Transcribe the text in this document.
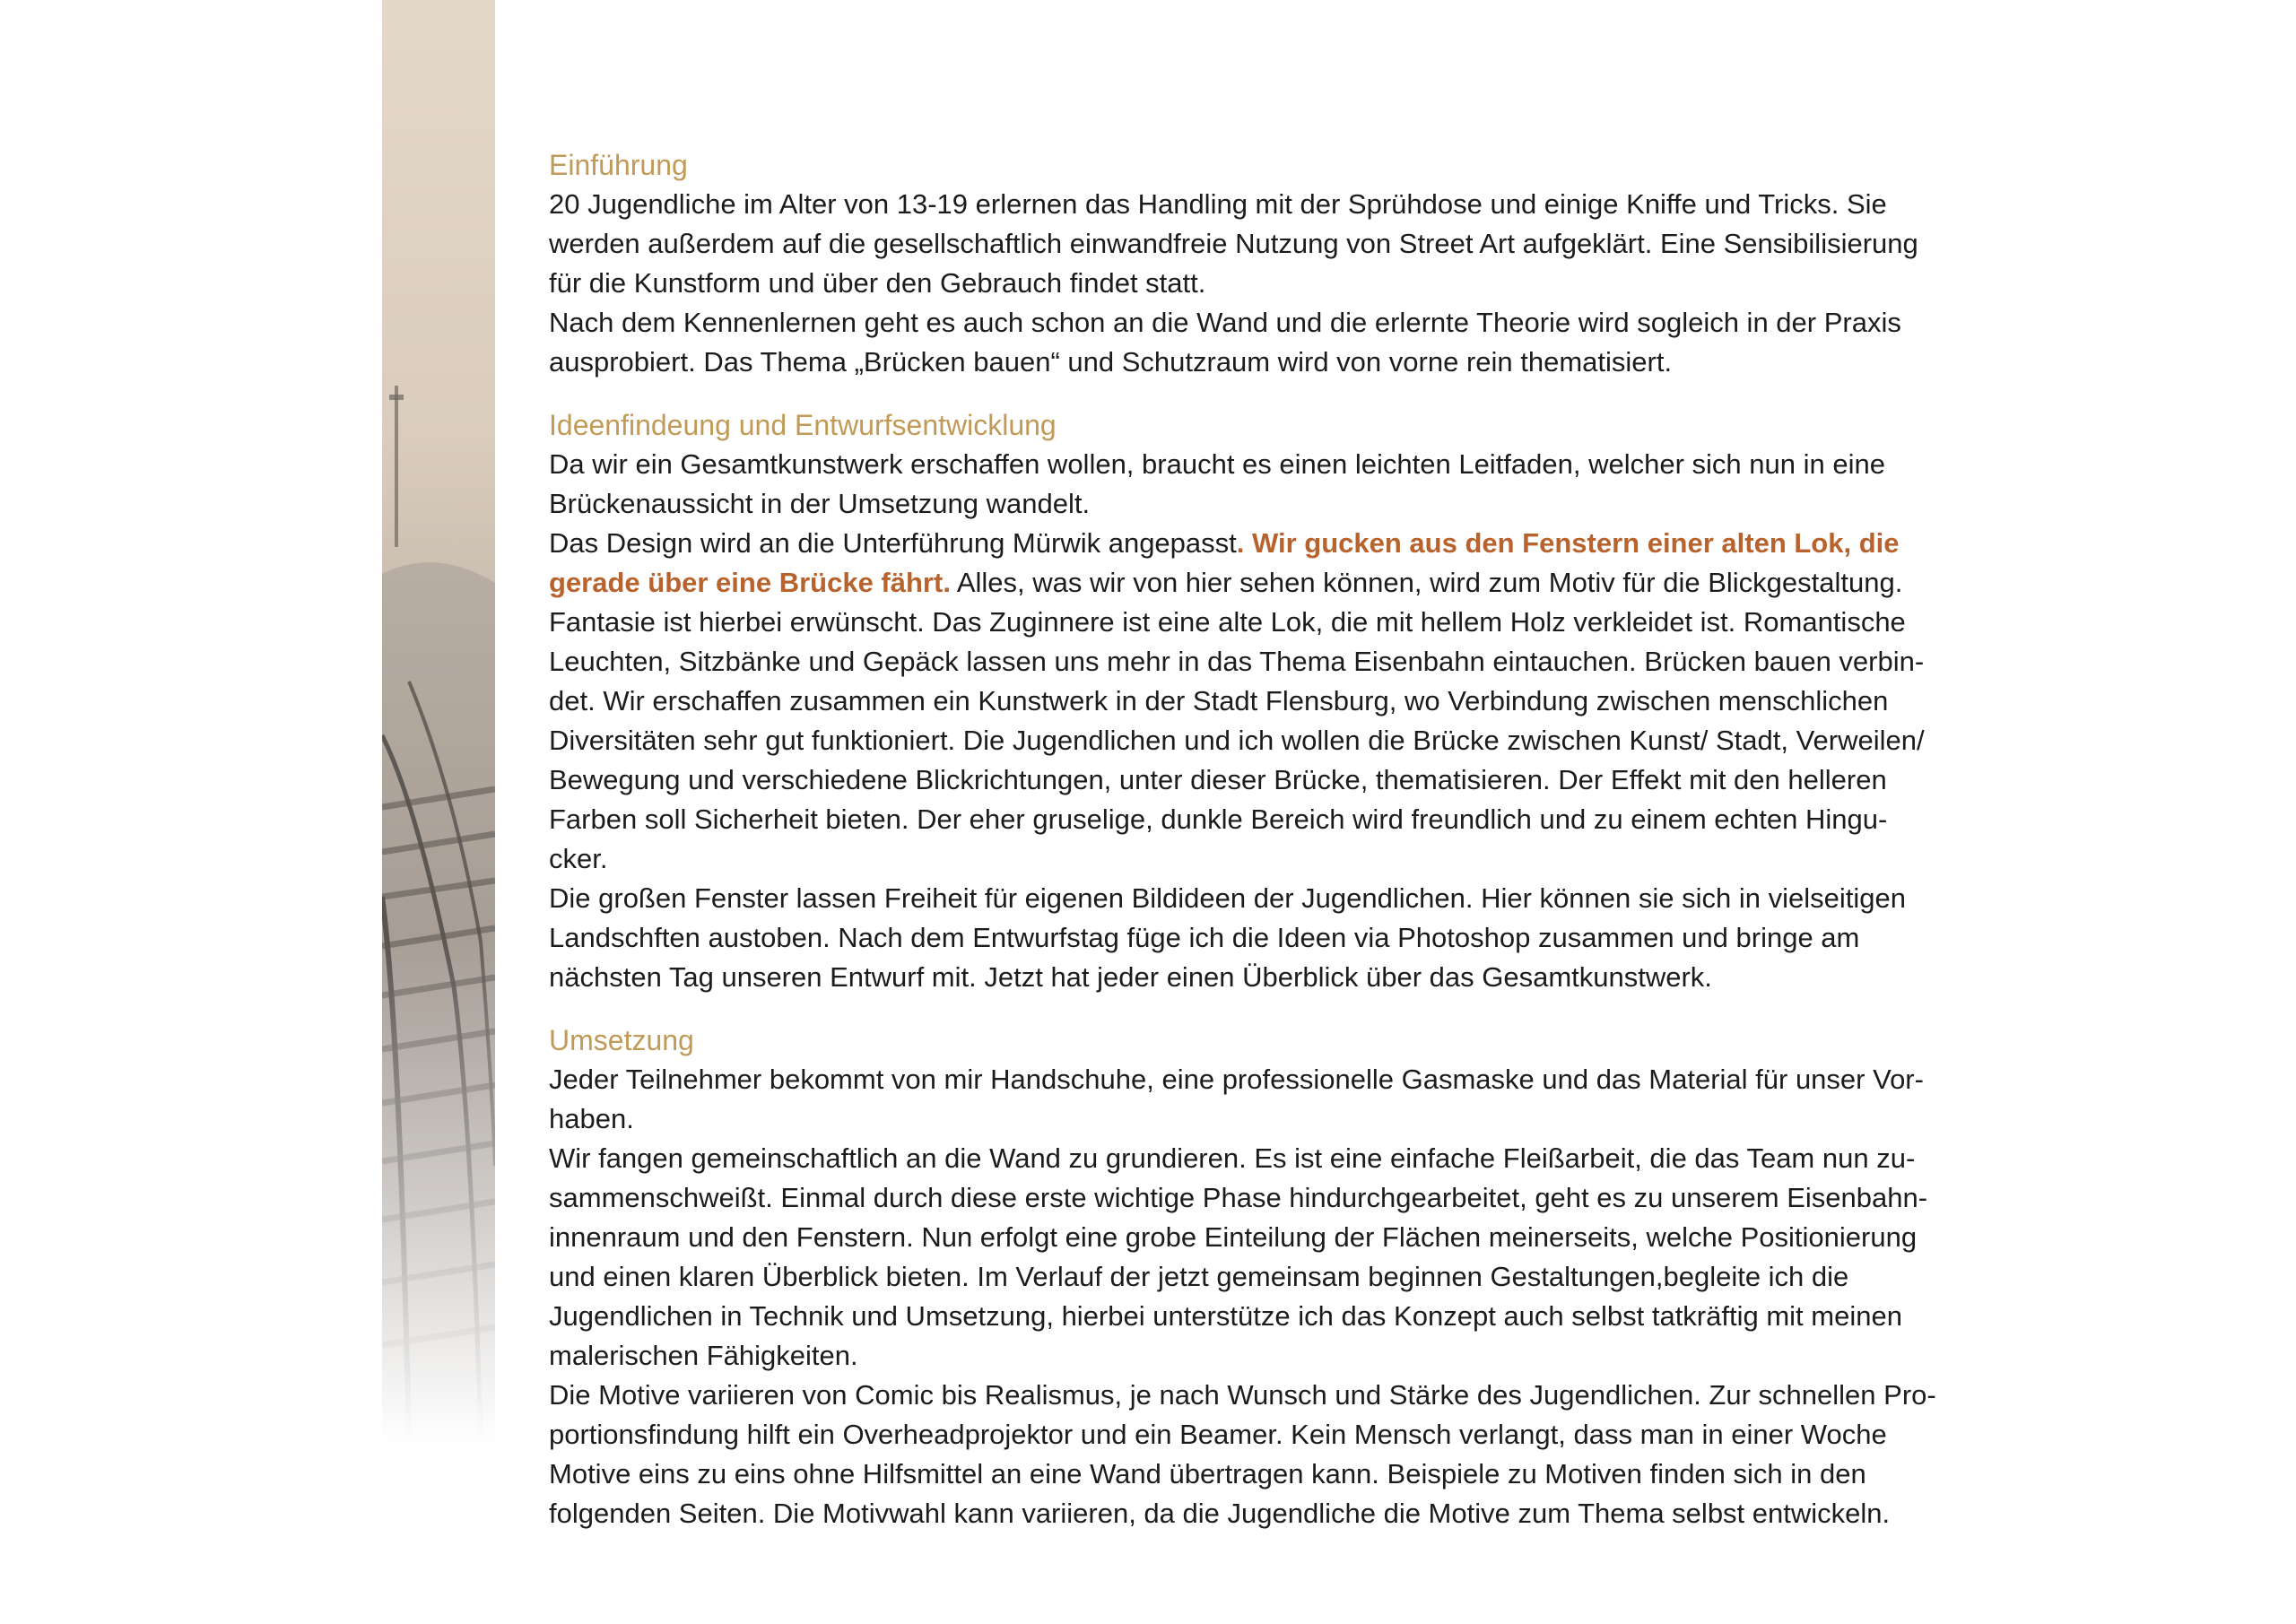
Einführung

20 Jugendliche im Alter von 13-19 erlernen das Handling mit der Sprühdose und einige Kniffe und Tricks. Sie
werden außerdem auf die gesellschaftlich einwandfreie Nutzung von Street Art aufgeklärt. Eine Sensibilisierung
für die Kunstform und über den Gebrauch findet statt.

Nach dem Kennenlernen geht es auch schon an die Wand und die erlernte Theorie wird sogleich in der Praxis
ausprobiert. Das Thema „Brücken bauen“ und Schutzraum wird von vorne rein thematisiert.

Ideenfindeung und Entwurfsentwicklung

Da wir ein Gesamtkunstwerk erschaffen wollen, braucht es einen leichten Leitfaden, welcher sich nun in eine
Brückenaussicht in der Umsetzung wandelt.

Das Design wird an die Unterführung Mürwik angepasst. Wir gucken aus den Fenstern einer alten Lok, die
gerade über eine Brücke fährt. Alles, was wir von hier sehen können, wird zum Motiv für die Blickgestaltung.
Fantasie ist hierbei erwünscht. Das Zuginnere ist eine alte Lok, die mit hellem Holz verkleidet ist. Romantische
Leuchten, Sitzbänke und Gepäck lassen uns mehr in das Thema Eisenbahn eintauchen. Brücken bauen verbin-
det. Wir erschaffen zusammen ein Kunstwerk in der Stadt Flensburg, wo Verbindung zwischen menschlichen
Diversitäten sehr gut funktioniert. Die Jugendlichen und ich wollen die Brücke zwischen Kunst/ Stadt, Verweilen/
Bewegung und verschiedene Blickrichtungen, unter dieser Brücke, thematisieren. Der Effekt mit den helleren
Farben soll Sicherheit bieten. Der eher gruselige, dunkle Bereich wird freundlich und zu einem echten Hingu-
cker.

Die großen Fenster lassen Freiheit für eigenen Bildideen der Jugendlichen. Hier können sie sich in vielseitigen
Landschften austoben. Nach dem Entwurfstag füge ich die Ideen via Photoshop zusammen und bringe am
nächsten Tag unseren Entwurf mit. Jetzt hat jeder einen Überblick über das Gesamtkunstwerk.

Umsetzung

Jeder Teilnehmer bekommt von mir Handschuhe, eine professionelle Gasmaske und das Material für unser Vor-
haben.

Wir fangen gemeinschaftlich an die Wand zu grundieren. Es ist eine einfache Fleißarbeit, die das Team nun zu-
sammenschweißt. Einmal durch diese erste wichtige Phase hindurchgearbeitet, geht es zu unserem Eisenbahn-
innenraum und den Fenstern. Nun erfolgt eine grobe Einteilung der Flächen meinerseits, welche Positionierung
und einen klaren Überblick bieten. Im Verlauf der jetzt gemeinsam beginnen Gestaltungen,begleite ich die
Jugendlichen in Technik und Umsetzung, hierbei unterstütze ich das Konzept auch selbst tatkräftig mit meinen
malerischen Fähigkeiten.

Die Motive variieren von Comic bis Realismus, je nach Wunsch und Stärke des Jugendlichen. Zur schnellen Pro-
portionsfindung hilft ein Overheadprojektor und ein Beamer. Kein Mensch verlangt, dass man in einer Woche
Motive eins zu eins ohne Hilfsmittel an eine Wand übertragen kann. Beispiele zu Motiven finden sich in den
folgenden Seiten. Die Motivwahl kann variieren, da die Jugendliche die Motive zum Thema selbst entwickeln.
